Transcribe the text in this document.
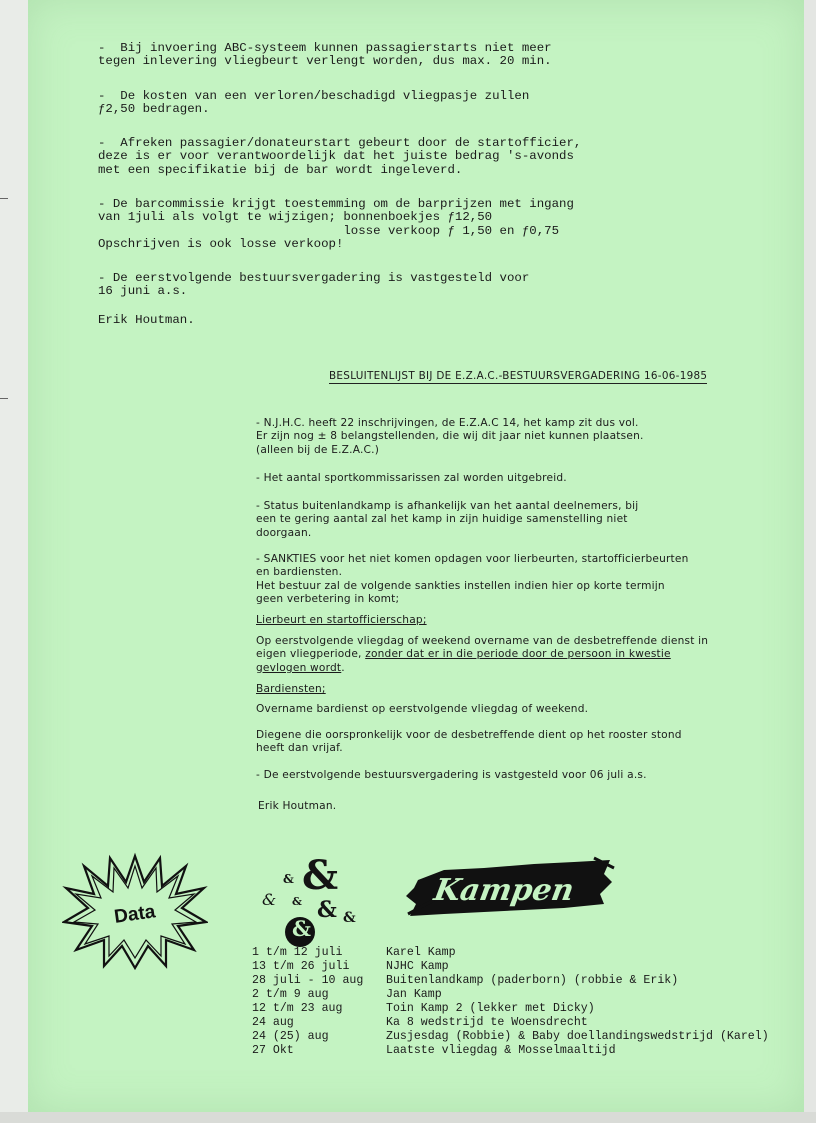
-  Bij invoering ABC-systeem kunnen passagierstarts niet meer
tegen inlevering vliegbeurt verlengt worden, dus max. 20 min.

-  De kosten van een verloren/beschadigd vliegpasje zullen
ƒ2,50 bedragen.

-  Afreken passagier/donateurstart gebeurt door de startofficier,
deze is er voor verantwoordelijk dat het juiste bedrag 's-avonds
met een specifikatie bij de bar wordt ingeleverd.

- De barcommissie krijgt toestemming om de barprijzen met ingang
van 1juli als volgt te wijzigen; bonnenboekjes ƒ12,50
losse verkoop ƒ 1,50 en ƒ0,75
Opschrijven is ook losse verkoop!

- De eerstvolgende bestuursvergadering is vastgesteld voor
16 juni a.s.

Erik Houtman.

BESLUITENLIJST BIJ DE E.Z.A.C.-BESTUURSVERGADERING 16-06-1985

- N.J.H.C. heeft 22 inschrijvingen, de E.Z.A.C 14, het kamp zit dus vol.
Er zijn nog ± 8 belangstellenden, die wij dit jaar niet kunnen plaatsen.
(alleen bij de E.Z.A.C.)

- Het aantal sportkommissarissen zal worden uitgebreid.

- Status buitenlandkamp is afhankelijk van het aantal deelnemers, bij
een te gering aantal zal het kamp in zijn huidige samenstelling niet
doorgaan.

- SANKTIES voor het niet komen opdagen voor lierbeurten, startofficierbeurten
en bardiensten.
Het bestuur zal de volgende sankties instellen indien hier op korte termijn
geen verbetering in komt;

Lierbeurt en startofficierschap;

Op eerstvolgende vliegdag of weekend overname van de desbetreffende dienst in
eigen vliegperiode, zonder dat er in die periode door de persoon in kwestie
gevlogen wordt.

Bardiensten;

Overname bardienst op eerstvolgende vliegdag of weekend.

Diegene die oorspronkelijk voor de desbetreffende dient op het rooster stond
heeft dan vrijaf.

- De eerstvolgende bestuursvergadering is vastgesteld voor 06 juli a.s.

Erik Houtman.

Data
& &
& & & &
&
Kampen
1 t/m 12 juli
13 t/m 26 juli
28 juli - 10 aug
2 t/m 9 aug
12 t/m 23 aug
24 aug
24 (25) aug
27 Okt
Karel Kamp
NJHC Kamp
Buitenlandkamp (paderborn) (robbie & Erik)
Jan Kamp
Toin Kamp 2 (lekker met Dicky)
Ka 8 wedstrijd te Woensdrecht
Zusjesdag (Robbie) & Baby doellandingswedstrijd (Karel)
Laatste vliegdag & Mosselmaaltijd
